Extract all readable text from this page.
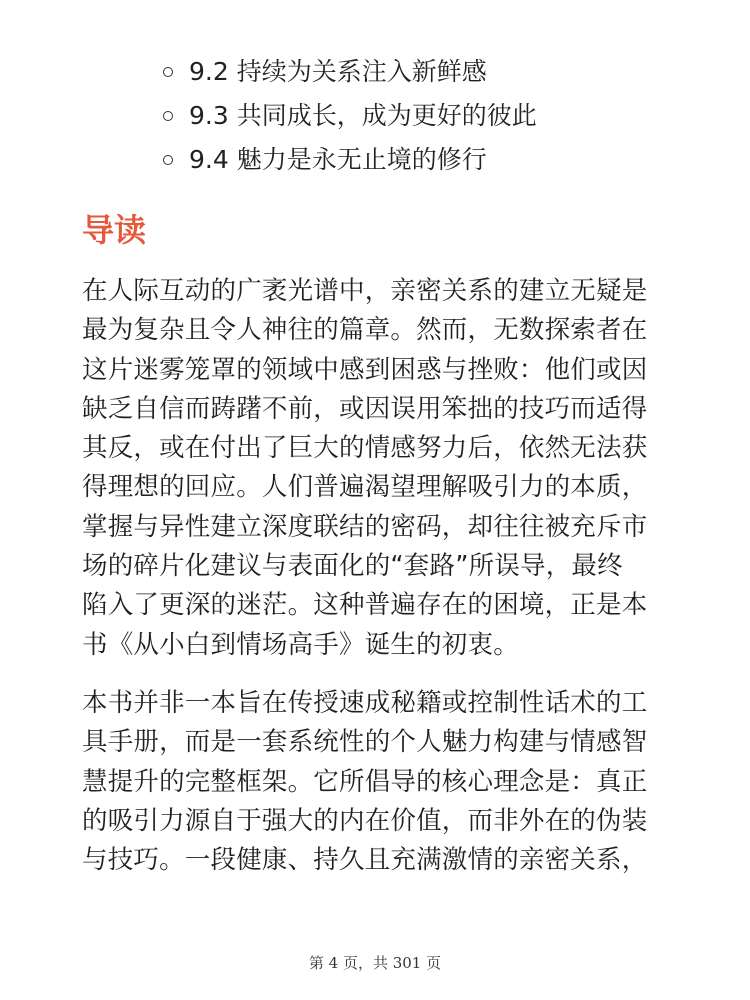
9.2 持续为关系注入新鲜感
9.3 共同成长，成为更好的彼此
9.4 魅力是永无止境的修行
导读

在人际互动的广袤光谱中，亲密关系的建立无疑是
最为复杂且令人神往的篇章。然而，无数探索者在
这片迷雾笼罩的领域中感到困惑与挫败：他们或因
缺乏自信而踌躇不前，或因误用笨拙的技巧而适得
其反，或在付出了巨大的情感努力后，依然无法获
得理想的回应。人们普遍渴望理解吸引力的本质，
掌握与异性建立深度联结的密码，却往往被充斥市
场的碎片化建议与表面化的“套路”所误导，最终
陷入了更深的迷茫。这种普遍存在的困境，正是本
书《从小白到情场高手》诞生的初衷。

本书并非一本旨在传授速成秘籍或控制性话术的工
具手册，而是一套系统性的个人魅力构建与情感智
慧提升的完整框架。它所倡导的核心理念是：真正
的吸引力源自于强大的内在价值，而非外在的伪装
与技巧。一段健康、持久且充满激情的亲密关系，

第 4 页，共 301 页
